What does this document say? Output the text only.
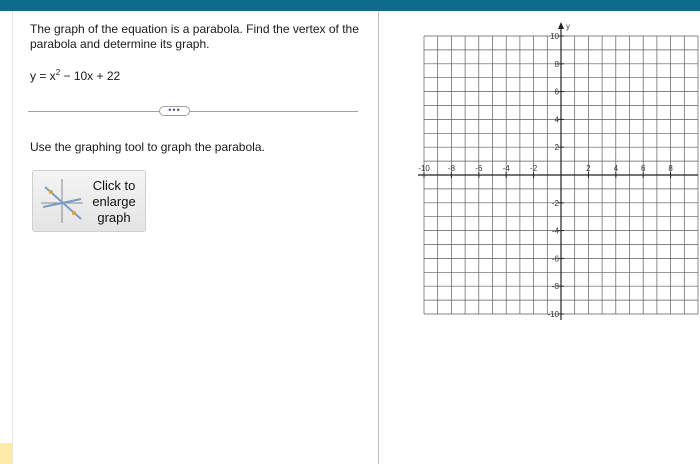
The graph of the equation is a parabola. Find the vertex of the parabola and determine its graph.
$y = x^2 - 10x + 22$
•••
Use the graphing tool to graph the parabola.
Click to
enlarge
graph
y
-10 -8	-6	-4	-2	2	4	6	8
10
8
6
4
2
-2
-4
-6
-8
-10
